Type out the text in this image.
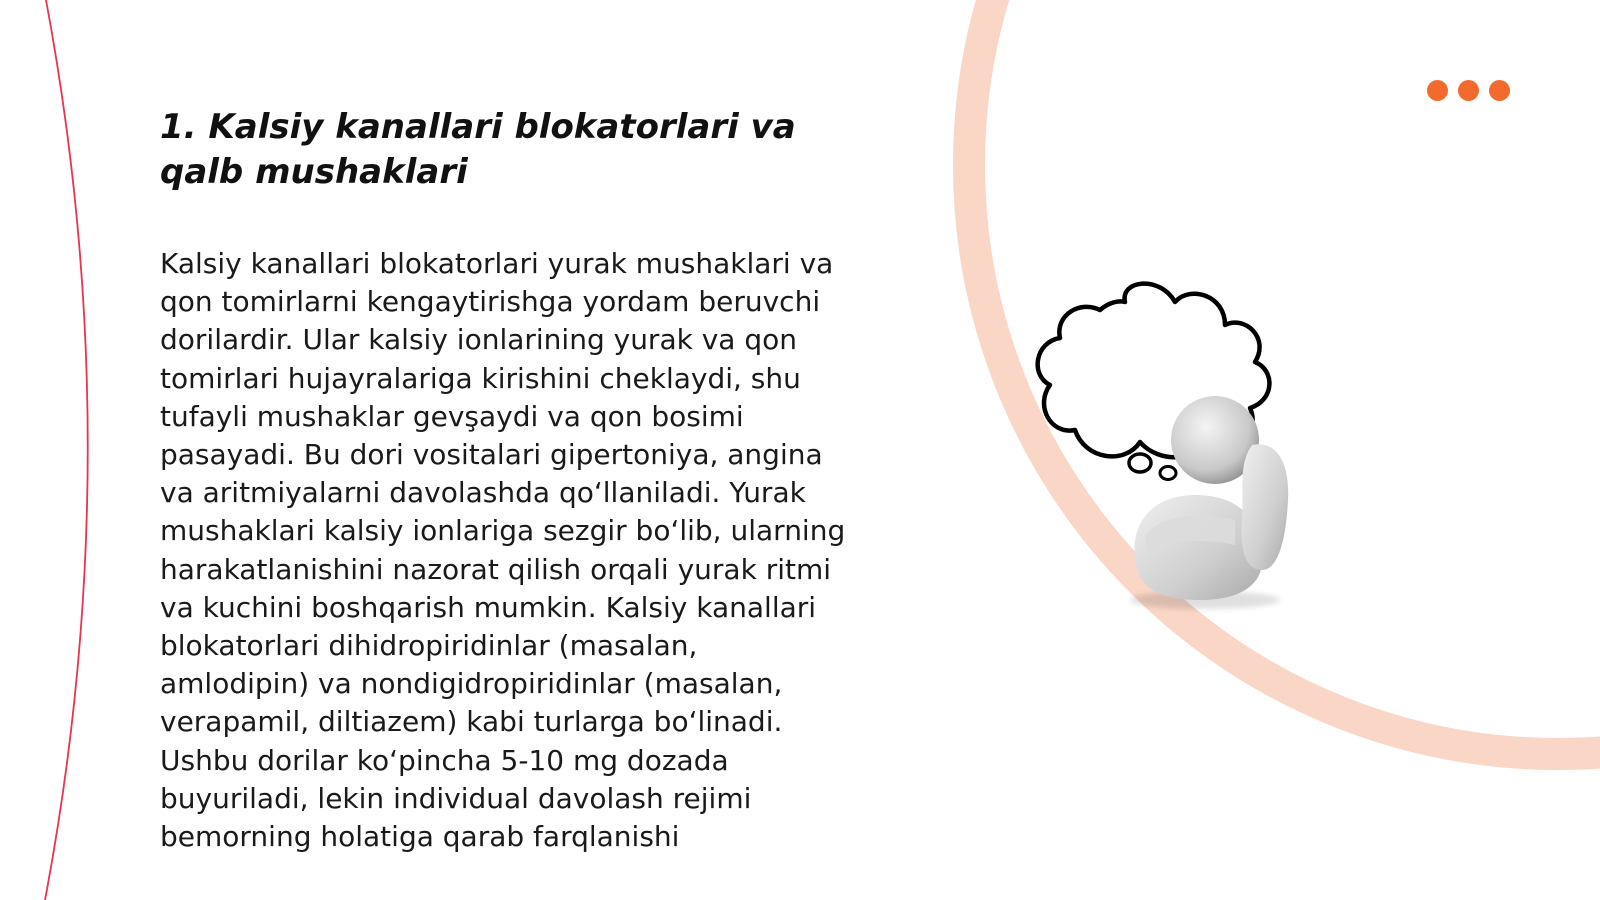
1. Kalsiy kanallari blokatorlari va qalb mushaklari

Kalsiy kanallari blokatorlari yurak mushaklari va qon tomirlarni kengaytirishga yordam beruvchi dorilardir. Ular kalsiy ionlarining yurak va qon tomirlari hujayralariga kirishini cheklaydi, shu tufayli mushaklar gevşaydi va qon bosimi pasayadi. Bu dori vositalari gipertoniya, angina va aritmiyalarni davolashda qo‘llaniladi. Yurak mushaklari kalsiy ionlariga sezgir bo‘lib, ularning harakatlanishini nazorat qilish orqali yurak ritmi va kuchini boshqarish mumkin. Kalsiy kanallari blokatorlari dihidropiridinlar (masalan, amlodipin) va nondigidropiridinlar (masalan, verapamil, diltiazem) kabi turlarga bo‘linadi. Ushbu dorilar ko‘pincha 5-10 mg dozada buyuriladi, lekin individual davolash rejimi bemorning holatiga qarab farqlanishi
